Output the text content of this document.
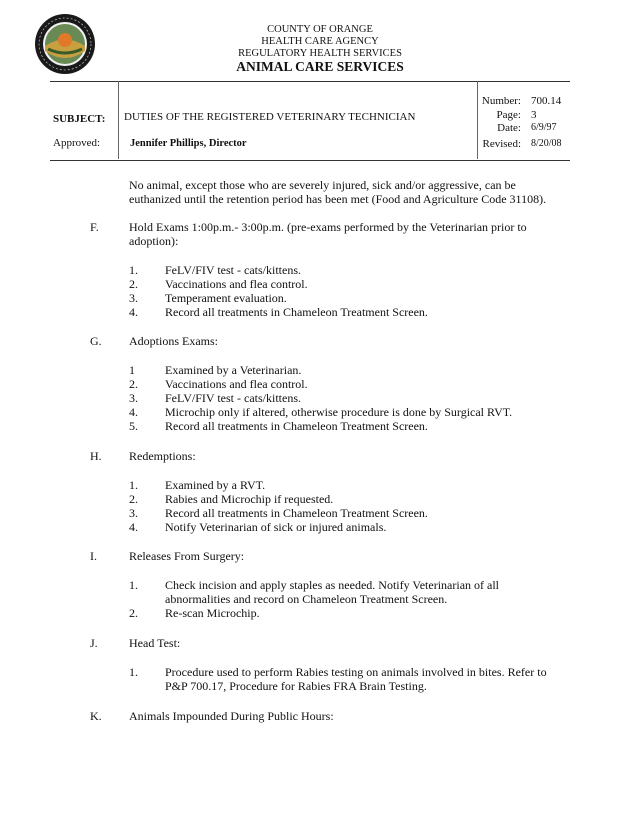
COUNTY OF ORANGE
HEALTH CARE AGENCY
REGULATORY HEALTH SERVICES
ANIMAL CARE SERVICES
SUBJECT: DUTIES OF THE REGISTERED VETERINARY TECHNICIAN
Approved:	Jennifer Phillips, Director
Number: 700.14
Page: 3
Date: 6/9/97
Revised: 8/20/08
No animal, except those who are severely injured, sick and/or aggressive, can be
euthanized until the retention period has been met (Food and Agriculture Code 31108).
F.	Hold Exams 1:00p.m.- 3:00p.m. (pre-exams performed by the Veterinarian prior to
adoption):
1. FeLV/FIV test - cats/kittens.
2. Vaccinations and flea control.
3. Temperament evaluation.
4. Record all treatments in Chameleon Treatment Screen.
G. Adoptions Exams:
1	Examined by a Veterinarian.
2. Vaccinations and flea control.
3. FeLV/FIV test - cats/kittens.
4. Microchip only if altered, otherwise procedure is done by Surgical RVT.
5. Record all treatments in Chameleon Treatment Screen.
H. Redemptions:
1. Examined by a RVT.
2. Rabies and Microchip if requested.
3. Record all treatments in Chameleon Treatment Screen.
4. Notify Veterinarian of sick or injured animals.
I.	Releases From Surgery:
1. Check incision and apply staples as needed. Notify Veterinarian of all
abnormalities and record on Chameleon Treatment Screen.
2. Re-scan Microchip.
J.	Head Test:
1. Procedure used to perform Rabies testing on animals involved in bites. Refer to
P&P 700.17, Procedure for Rabies FRA Brain Testing.
K. Animals Impounded During Public Hours:
